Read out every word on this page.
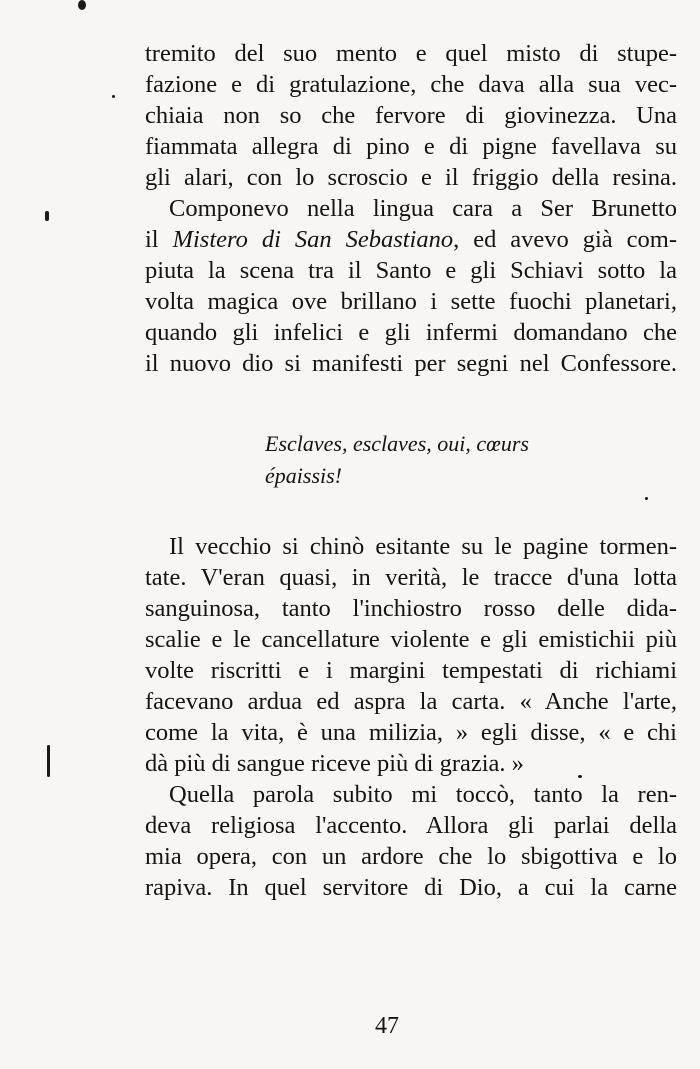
tremito del suo mento e quel misto di stupe-
fazione e di gratulazione, che dava alla sua vec-
chiaia non so che fervore di giovinezza. Una
fiammata allegra di pino e di pigne favellava su
gli alari, con lo scroscio e il friggio della resina.
Componevo nella lingua cara a Ser Brunetto
il Mistero di San Sebastiano, ed avevo già com-
piuta la scena tra il Santo e gli Schiavi sotto la
volta magica ove brillano i sette fuochi planetari,
quando gli infelici e gli infermi domandano che
il nuovo dio si manifesti per segni nel Confessore.
Esclaves, esclaves, oui, cœurs
épaissis!
Il vecchio si chinò esitante su le pagine tormen-
tate. V'eran quasi, in verità, le tracce d'una lotta
sanguinosa, tanto l'inchiostro rosso delle dida-
scalie e le cancellature violente e gli emistichii più
volte riscritti e i margini tempestati di richiami
facevano ardua ed aspra la carta. « Anche l'arte,
come la vita, è una milizia, » egli disse, « e chi
dà più di sangue riceve più di grazia. »
Quella parola subito mi toccò, tanto la ren-
deva religiosa l'accento. Allora gli parlai della
mia opera, con un ardore che lo sbigottiva e lo
rapiva. In quel servitore di Dio, a cui la carne
47
